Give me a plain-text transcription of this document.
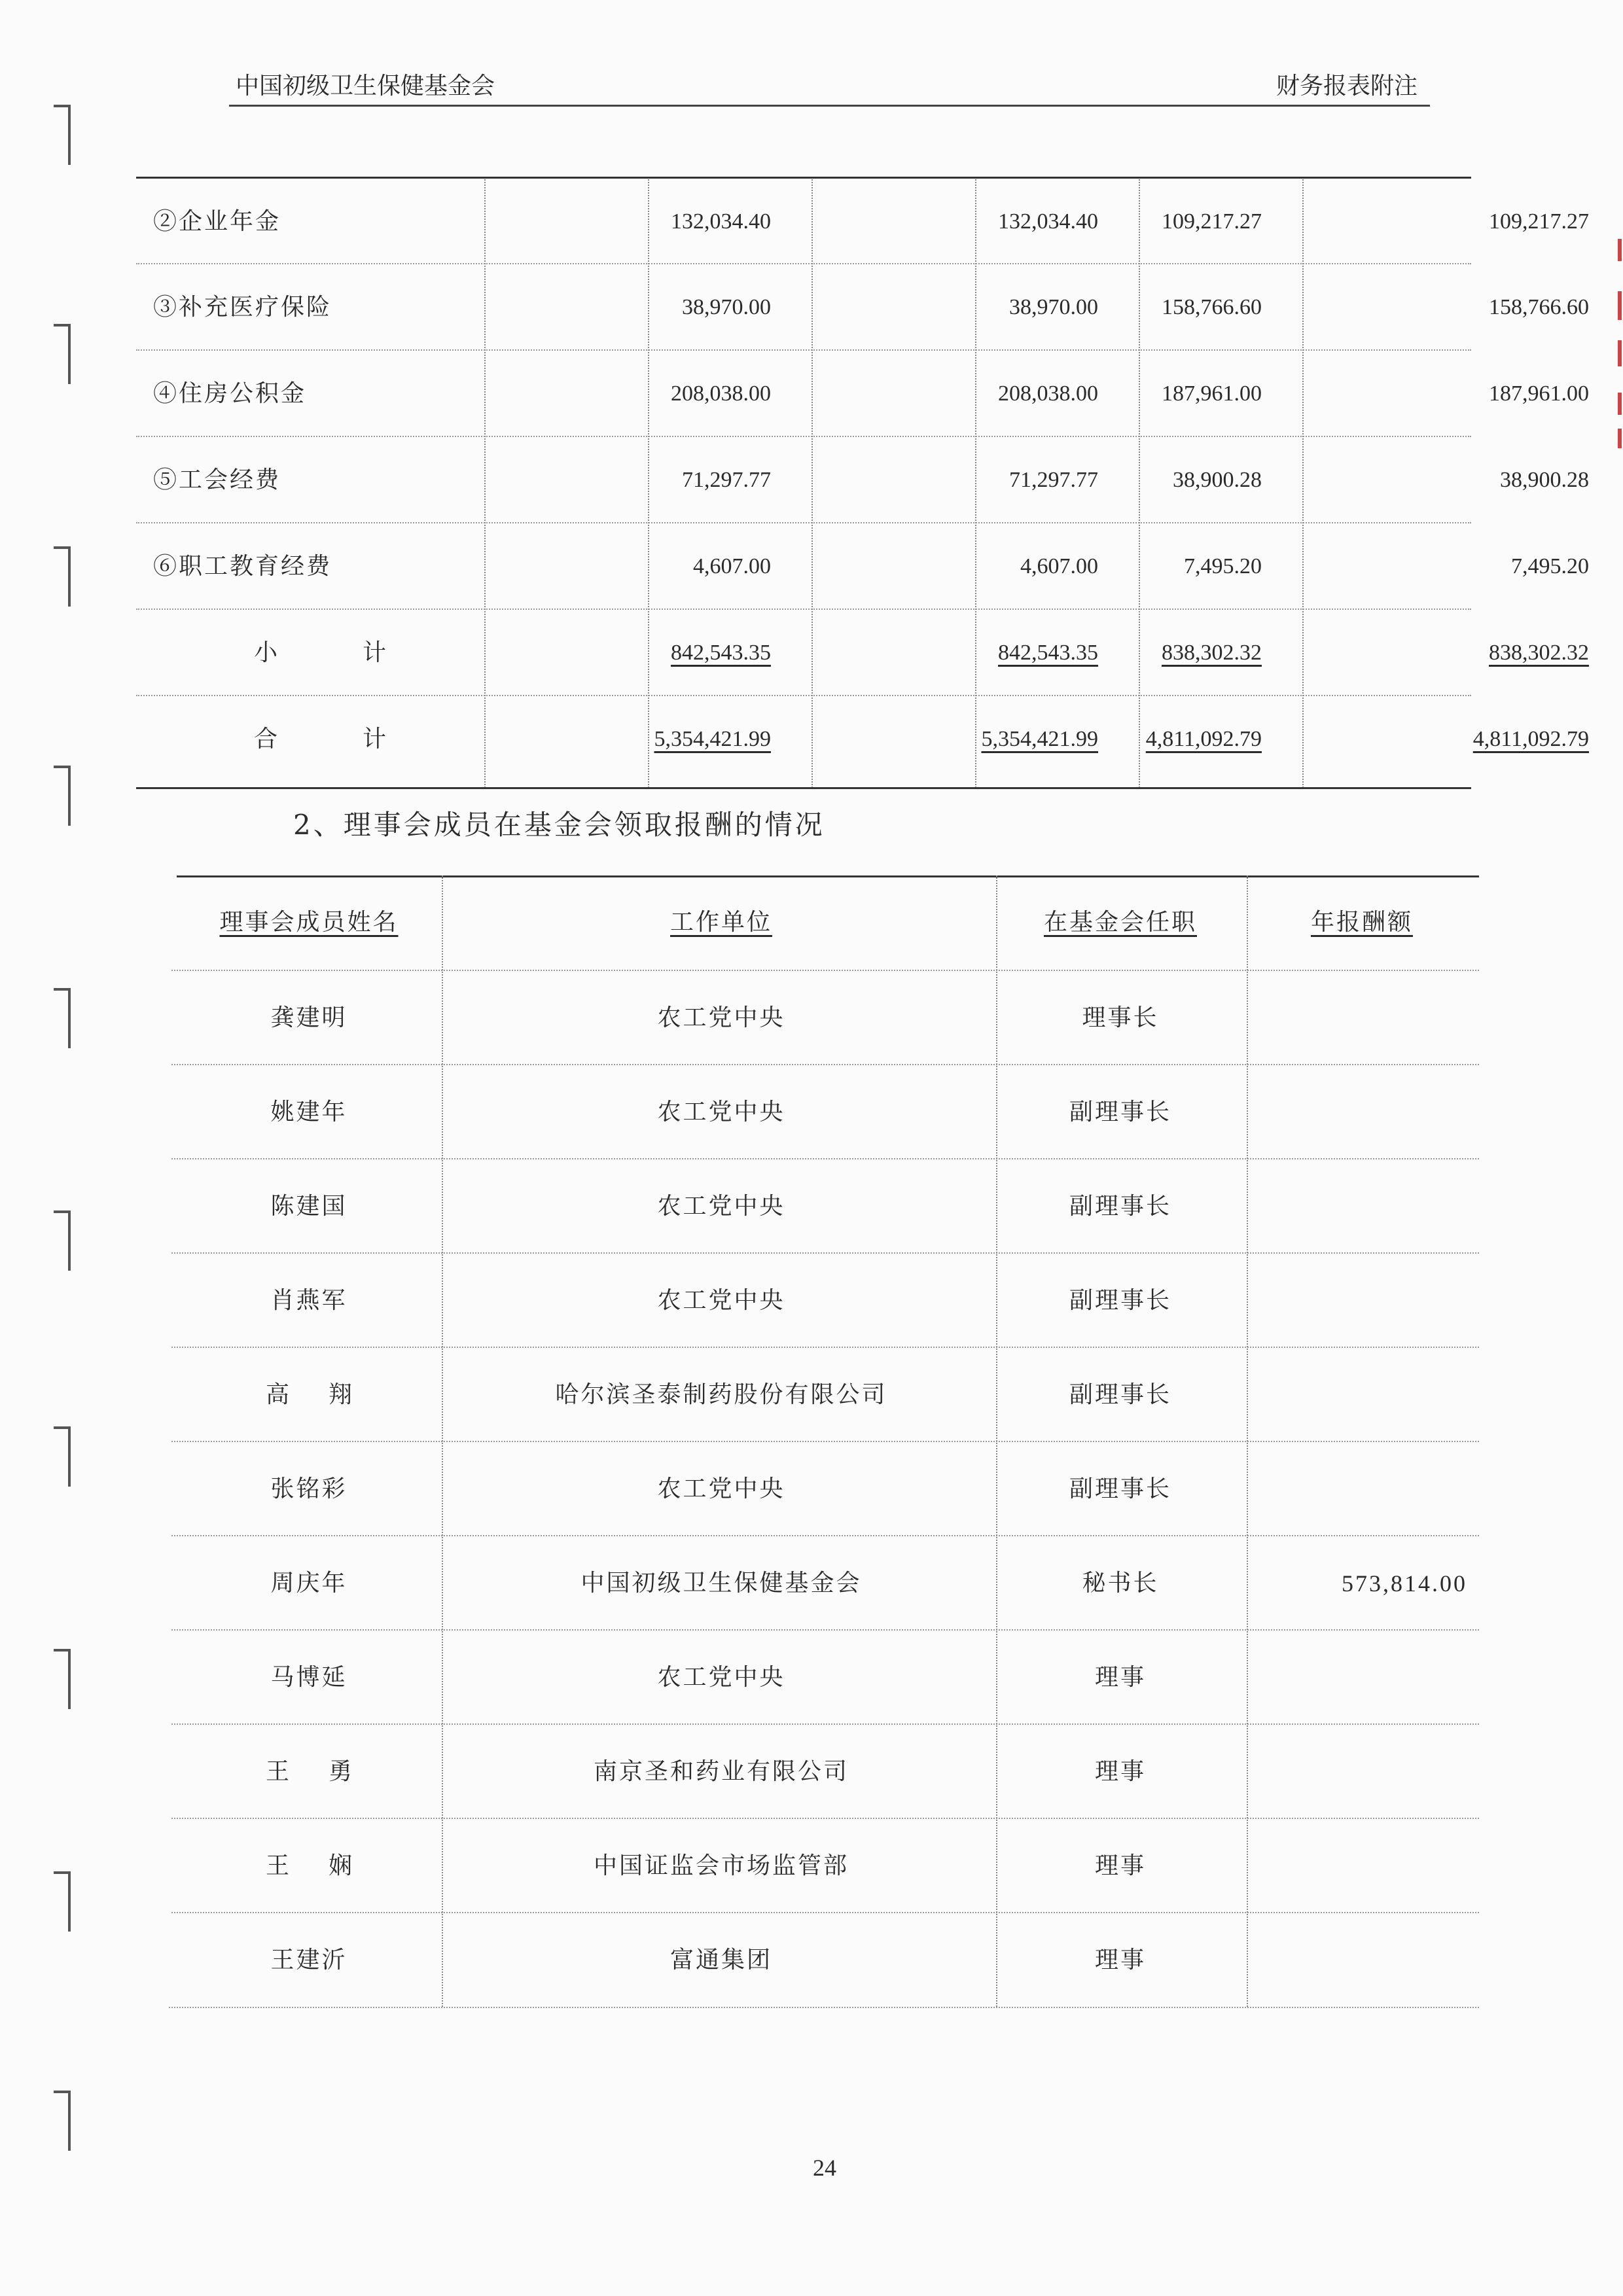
中国初级卫生保健基金会	财务报表附注
②企业年金	132,034.40	132,034.40	109,217.27	109,217.27
③补充医疗保险	38,970.00	38,970.00	158,766.60	158,766.60
④住房公积金	208,038.00	208,038.00	187,961.00	187,961.00
⑤工会经费	71,297.77	71,297.77	38,900.28	38,900.28
⑥职工教育经费	4,607.00	4,607.00	7,495.20	7,495.20
小计	842,543.35	842,543.35	838,302.32	838,302.32
合计	5,354,421.99	5,354,421.99	4,811,092.79	4,811,092.79
2、理事会成员在基金会领取报酬的情况
理事会成员姓名	工作单位	在基金会任职	年报酬额
龚建明	农工党中央	理事长
姚建年	农工党中央	副理事长
陈建国	农工党中央	副理事长
肖燕军	农工党中央	副理事长
高翔	哈尔滨圣泰制药股份有限公司	副理事长
张铭彩	农工党中央	副理事长
周庆年	中国初级卫生保健基金会	秘书长	573,814.00
马博延	农工党中央	理事
王勇	南京圣和药业有限公司	理事
王娴	中国证监会市场监管部	理事
王建沂	富通集团	理事
24
